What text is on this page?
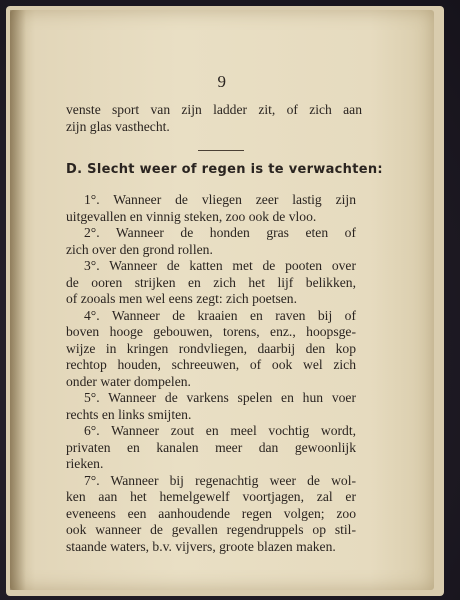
9
venste sport van zijn ladder zit, of zich aan
zijn glas vasthecht.
D. Slecht weer of regen is te verwachten:
1°. Wanneer de vliegen zeer lastig zijn
uitgevallen en vinnig steken, zoo ook de vloo.
2°. Wanneer de honden gras eten of
zich over den grond rollen.
3°. Wanneer de katten met de pooten over
de ooren strijken en zich het lijf belikken,
of zooals men wel eens zegt: zich poetsen.
4°. Wanneer de kraaien en raven bij of
boven hooge gebouwen, torens, enz., hoopsge-
wijze in kringen rondvliegen, daarbij den kop
rechtop houden, schreeuwen, of ook wel zich
onder water dompelen.
5°. Wanneer de varkens spelen en hun voer
rechts en links smijten.
6°. Wanneer zout en meel vochtig wordt,
privaten en kanalen meer dan gewoonlijk
rieken.
7°. Wanneer bij regenachtig weer de wol-
ken aan het hemelgewelf voortjagen, zal er
eveneens een aanhoudende regen volgen; zoo
ook wanneer de gevallen regendruppels op stil-
staande waters, b.v. vijvers, groote blazen maken.
